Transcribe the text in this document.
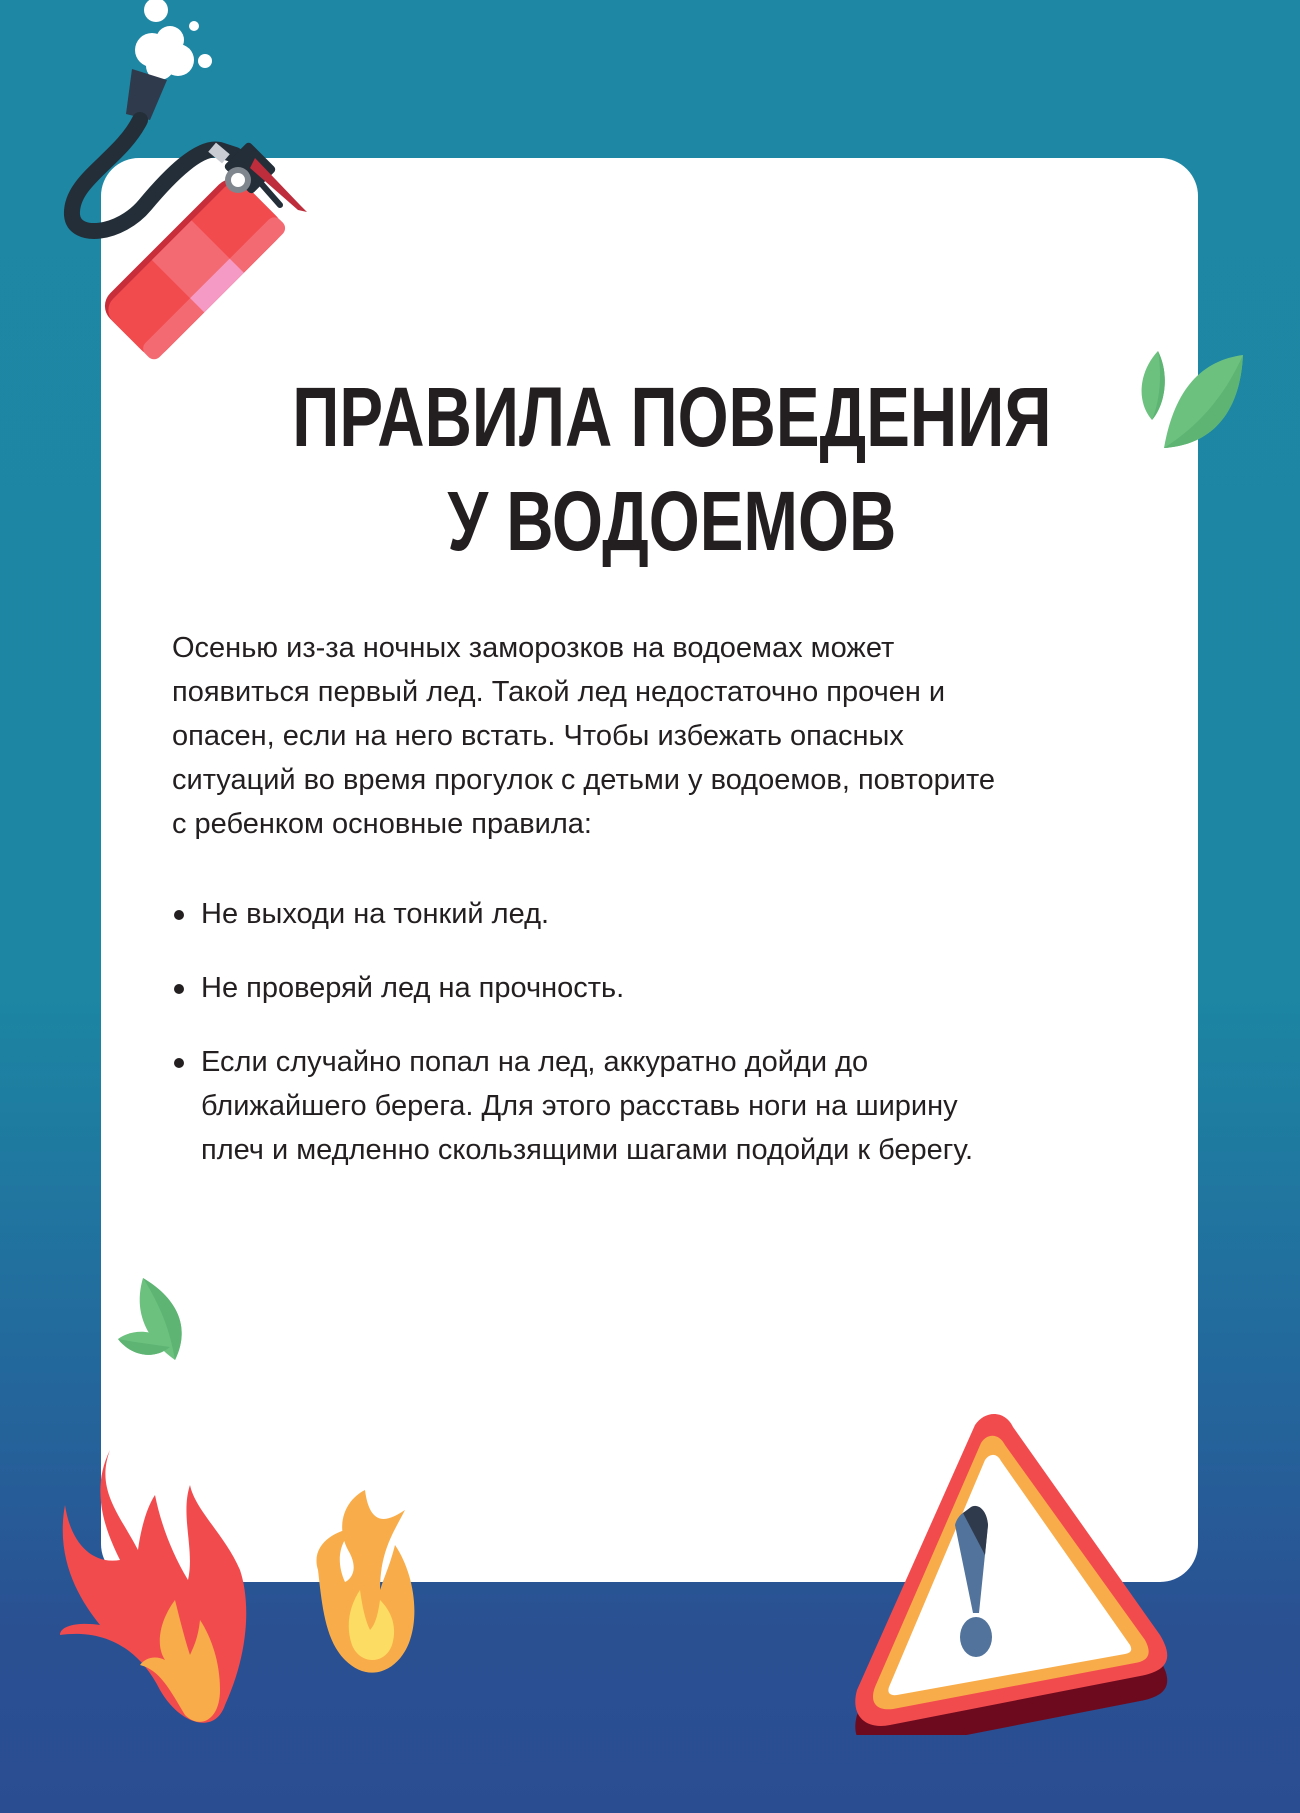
ПРАВИЛА ПОВЕДЕНИЯ
У ВОДОЕМОВ

Осенью из-за ночных заморозков на водоемах может
появиться первый лед. Такой лед недостаточно прочен и
опасен, если на него встать. Чтобы избежать опасных
ситуаций во время прогулок с детьми у водоемов, повторите
с ребенком основные правила:

Не выходи на тонкий лед.
Не проверяй лед на прочность.
Если случайно попал на лед, аккуратно дойди до
ближайшего берега. Для этого расставь ноги на ширину
плеч и медленно скользящими шагами подойди к берегу.
